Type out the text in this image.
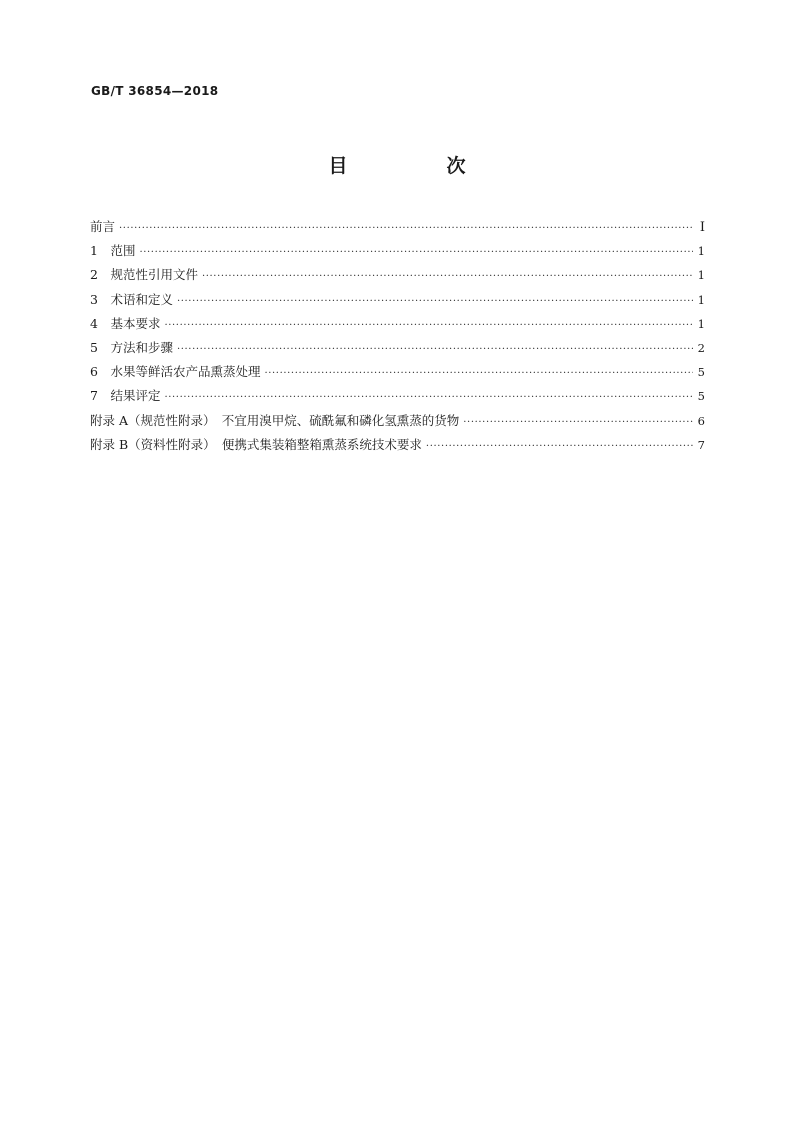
GB/T 36854—2018
目　次
前言 ·····	Ⅰ
1　范围 ·····	1
2　规范性引用文件 ·····	1
3　术语和定义 ·····	1
4　基本要求 ·····	1
5　方法和步骤 ·····	2
6　水果等鲜活农产品熏蒸处理 ·····	5
7　结果评定 ·····	5
附录 A（规范性附录）　不宜用溴甲烷、硫酰氟和磷化氢熏蒸的货物 ·····	6
附录 B（资料性附录）　便携式集装箱整箱熏蒸系统技术要求 ·····	7
